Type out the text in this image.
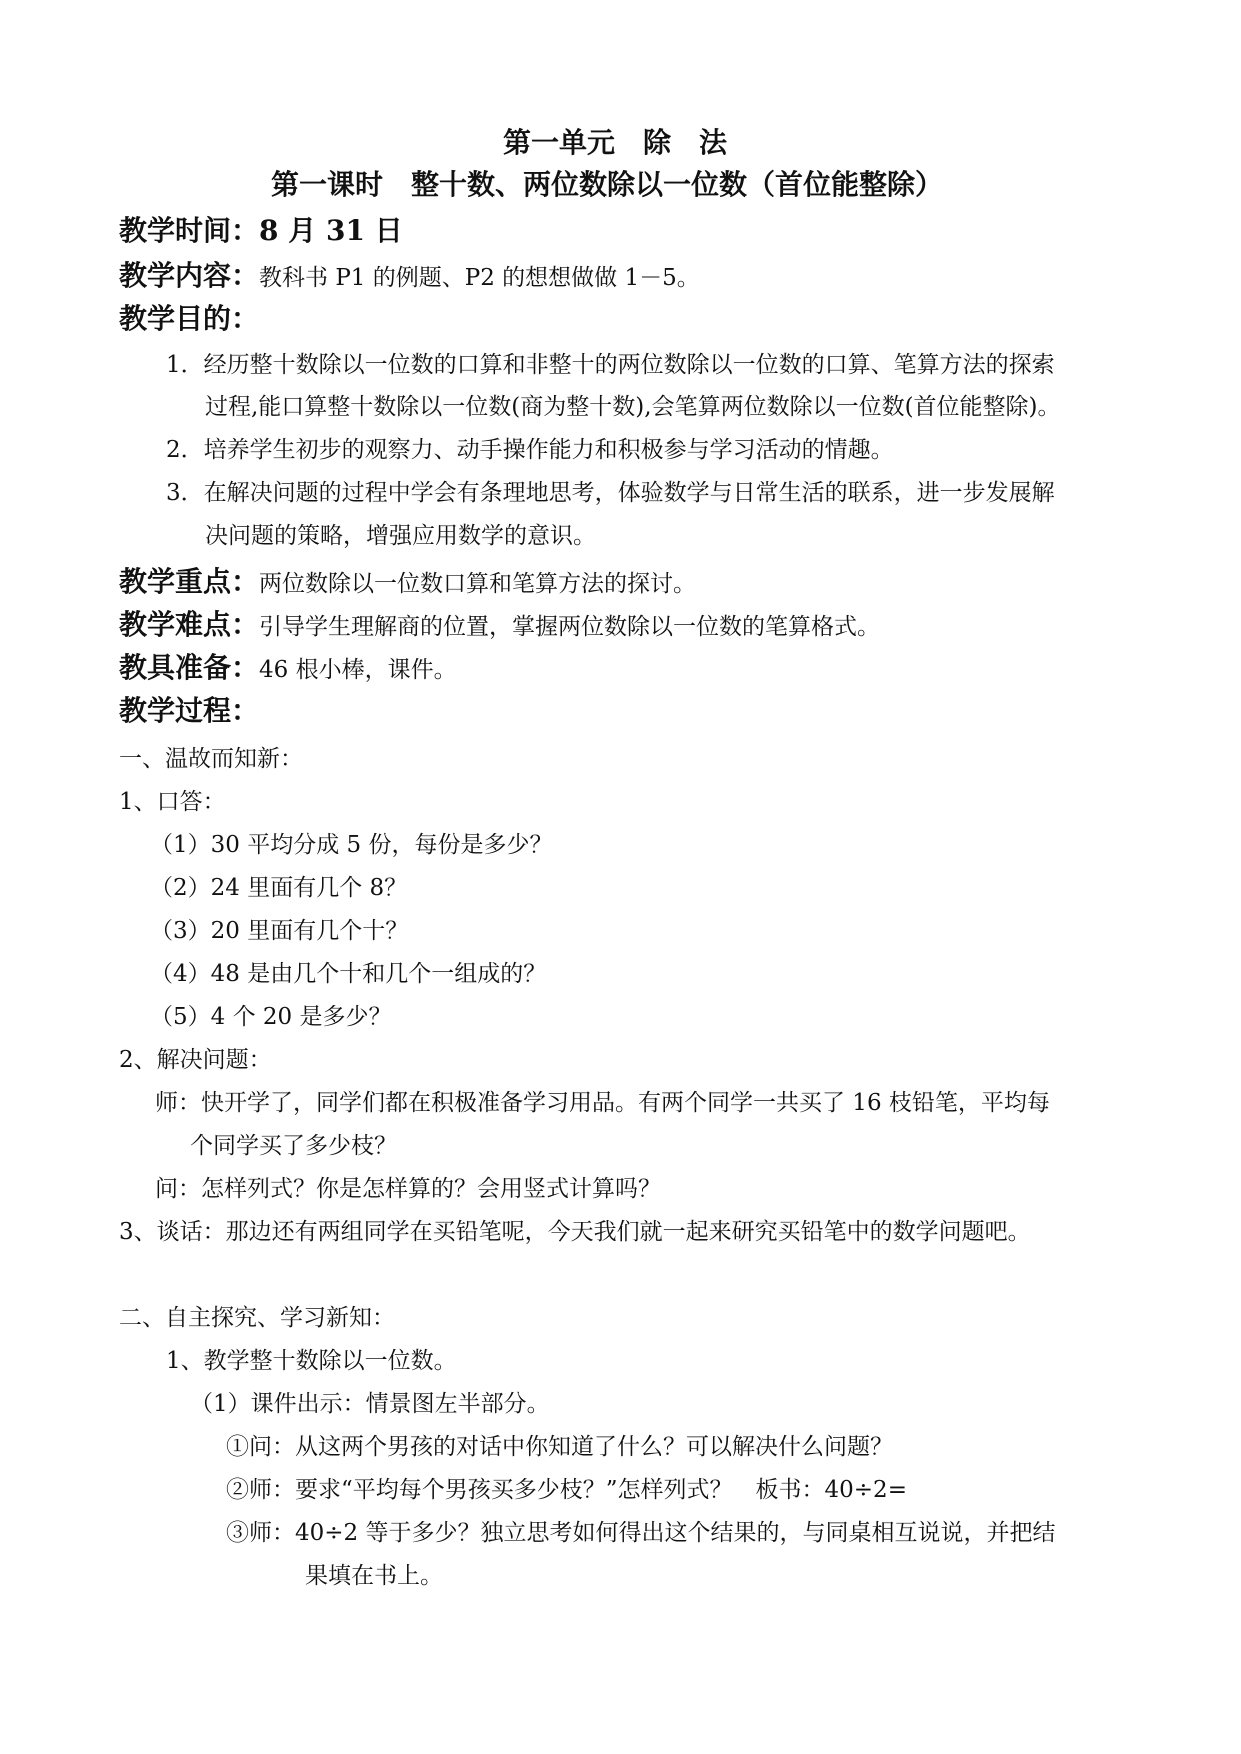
第一单元　除　法
第一课时　整十数、两位数除以一位数（首位能整除）
教学时间：8 月 31 日
教学内容：教科书 P1 的例题、P2 的想想做做 1－5。
教学目的：
1．经历整十数除以一位数的口算和非整十的两位数除以一位数的口算、笔算方法的探索
过程,能口算整十数除以一位数(商为整十数),会笔算两位数除以一位数(首位能整除)。
2．培养学生初步的观察力、动手操作能力和积极参与学习活动的情趣。
3．在解决问题的过程中学会有条理地思考，体验数学与日常生活的联系，进一步发展解
决问题的策略，增强应用数学的意识。
教学重点：两位数除以一位数口算和笔算方法的探讨。
教学难点：引导学生理解商的位置，掌握两位数除以一位数的笔算格式。
教具准备：46 根小棒，课件。
教学过程：
一、温故而知新：
1、口答：
（1）30 平均分成 5 份，每份是多少？
（2）24 里面有几个 8？
（3）20 里面有几个十？
（4）48 是由几个十和几个一组成的？
（5）4 个 20 是多少？
2、解决问题：
师：快开学了，同学们都在积极准备学习用品。有两个同学一共买了 16 枝铅笔，平均每
个同学买了多少枝？
问：怎样列式？你是怎样算的？会用竖式计算吗？
3、谈话：那边还有两组同学在买铅笔呢，今天我们就一起来研究买铅笔中的数学问题吧。
二、自主探究、学习新知：
1、教学整十数除以一位数。
（1）课件出示：情景图左半部分。
①问：从这两个男孩的对话中你知道了什么？可以解决什么问题？
②师：要求“平均每个男孩买多少枝？”怎样列式？　板书：40÷2=
③师：40÷2 等于多少？独立思考如何得出这个结果的，与同桌相互说说，并把结
果填在书上。
